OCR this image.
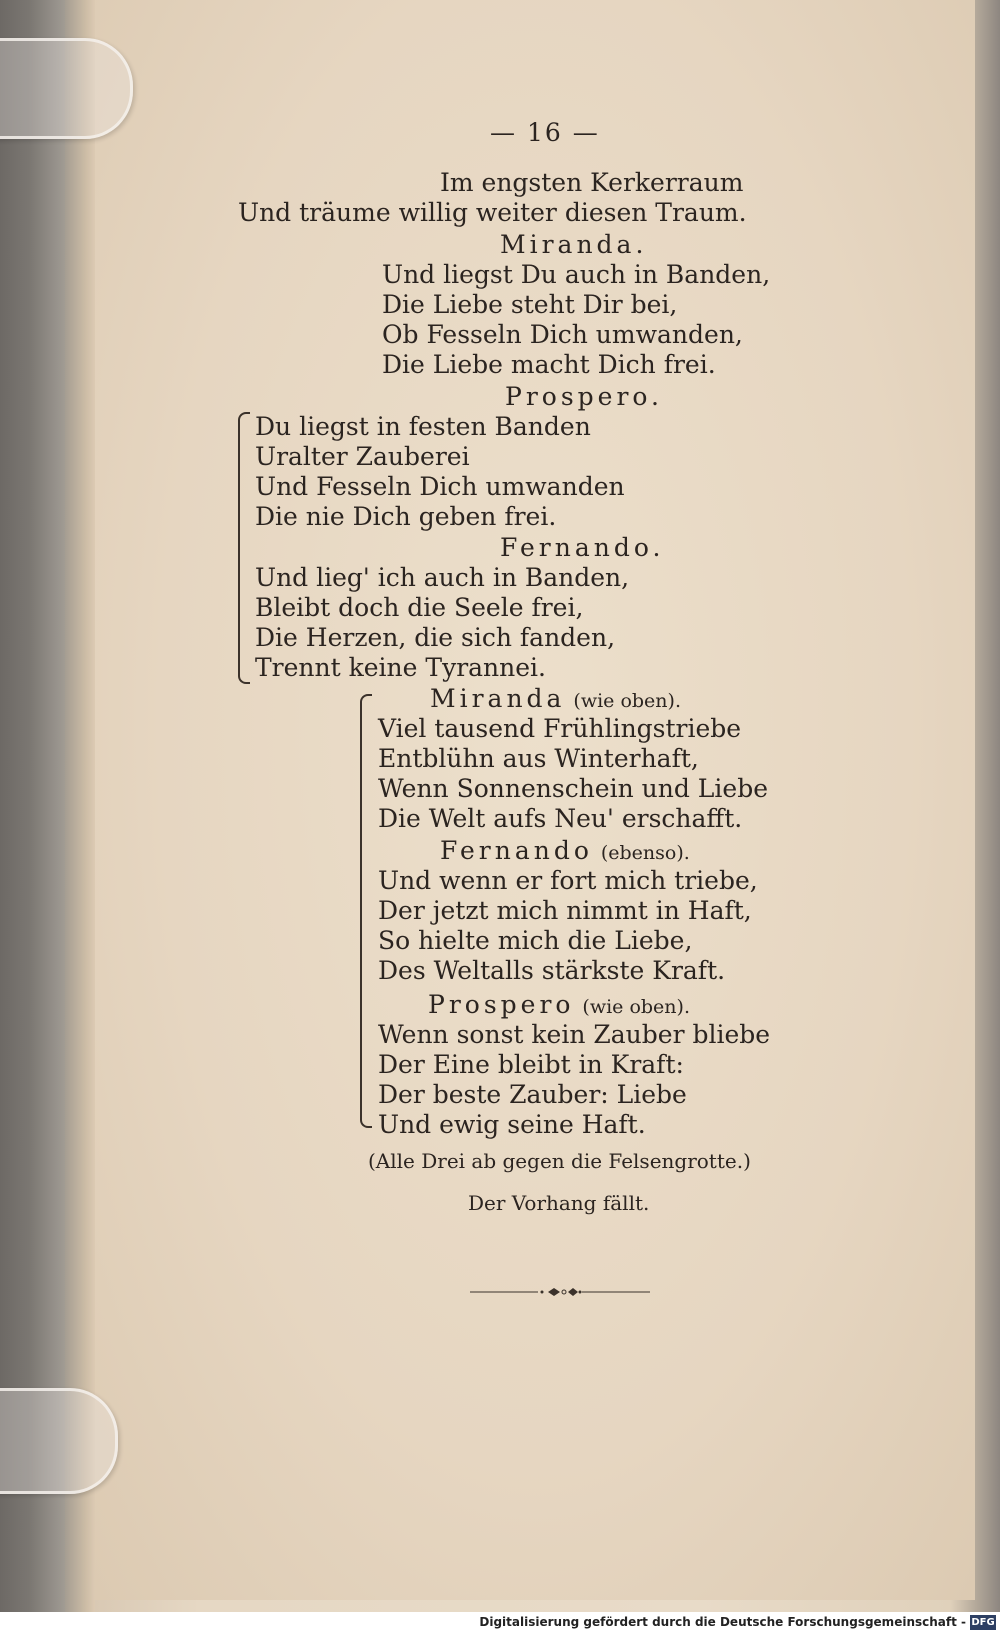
— 16 —
Im engsten Kerkerraum
Und träume willig weiter diesen Traum.
Miranda.
Und liegst Du auch in Banden,
Die Liebe steht Dir bei,
Ob Fesseln Dich umwanden,
Die Liebe macht Dich frei.
Prospero.
Du liegst in festen Banden
Uralter Zauberei
Und Fesseln Dich umwanden
Die nie Dich geben frei.
Fernando.
Und lieg' ich auch in Banden,
Bleibt doch die Seele frei,
Die Herzen, die sich fanden,
Trennt keine Tyrannei.
Miranda (wie oben).
Viel tausend Frühlingstriebe
Entblühn aus Winterhaft,
Wenn Sonnenschein und Liebe
Die Welt aufs Neu' erschafft.
Fernando (ebenso).
Und wenn er fort mich triebe,
Der jetzt mich nimmt in Haft,
So hielte mich die Liebe,
Des Weltalls stärkste Kraft.
Prospero (wie oben).
Wenn sonst kein Zauber bliebe
Der Eine bleibt in Kraft:
Der beste Zauber: Liebe
Und ewig seine Haft.
(Alle Drei ab gegen die Felsengrotte.)
Der Vorhang fällt.
Digitalisierung gefördert durch die Deutsche Forschungsgemeinschaft - DFG
